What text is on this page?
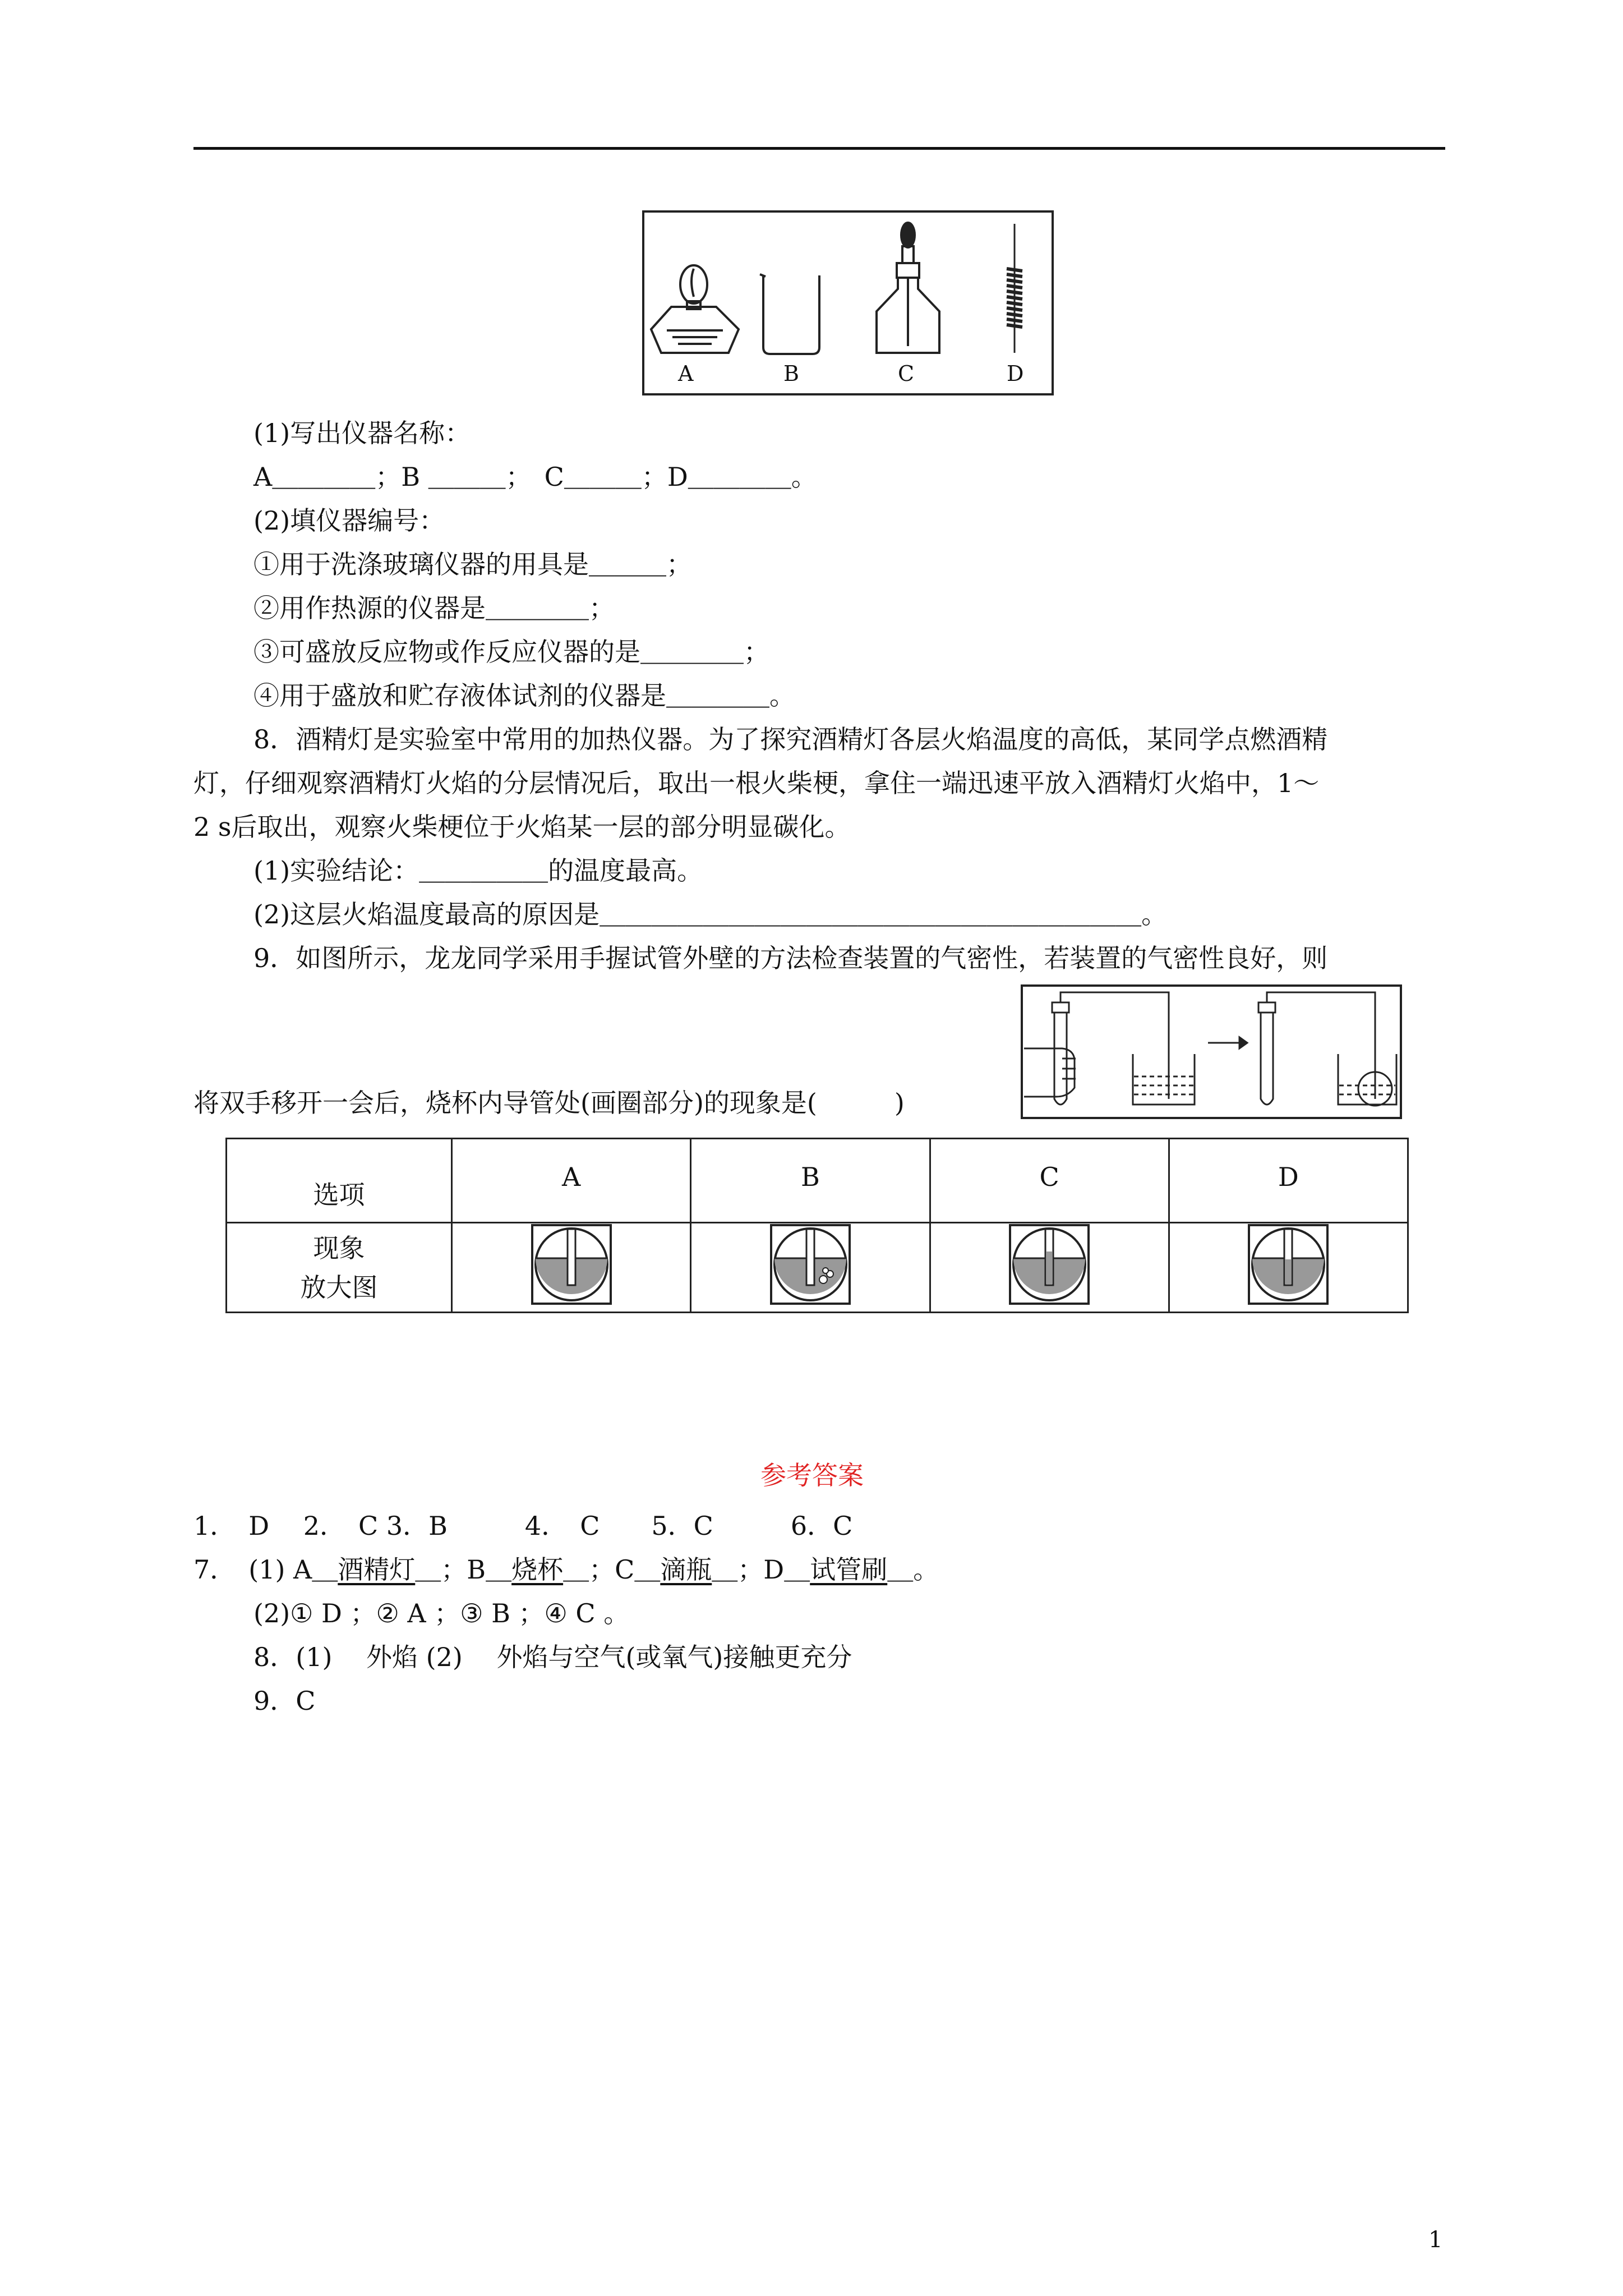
A	B	C	D
(1)写出仪器名称：
A＿＿＿＿；B ＿＿＿；　C＿＿＿；D＿＿＿＿。
(2)填仪器编号：
①用于洗涤玻璃仪器的用具是＿＿＿；
②用作热源的仪器是＿＿＿＿；
③可盛放反应物或作反应仪器的是＿＿＿＿；
④用于盛放和贮存液体试剂的仪器是＿＿＿＿。
8．酒精灯是实验室中常用的加热仪器。为了探究酒精灯各层火焰温度的高低，某同学点燃酒精
灯，仔细观察酒精灯火焰的分层情况后，取出一根火柴梗，拿住一端迅速平放入酒精灯火焰中，1～
2 s后取出，观察火柴梗位于火焰某一层的部分明显碳化。
(1)实验结论：＿＿＿＿＿的温度最高。
(2)这层火焰温度最高的原因是＿＿＿＿＿＿＿＿＿＿＿＿＿＿＿＿＿＿＿＿＿。
9．如图所示，龙龙同学采用手握试管外壁的方法检查装置的气密性，若装置的气密性良好，则
将双手移开一会后，烧杯内导管处(画圈部分)的现象是(　　　)
选项	A	B	C	D

现象
放大图

参考答案
1．　D　 2．　C 3．B　　　4．　C　　5．C　　　6．C
7．　(1) A＿酒精灯＿；B＿烧杯＿；C＿滴瓶＿；D＿试管刷＿。
(2)① D ；② A ；③ B ；④ C 。
8．(1)　 外焰 (2)　 外焰与空气(或氧气)接触更充分
9．C
1
